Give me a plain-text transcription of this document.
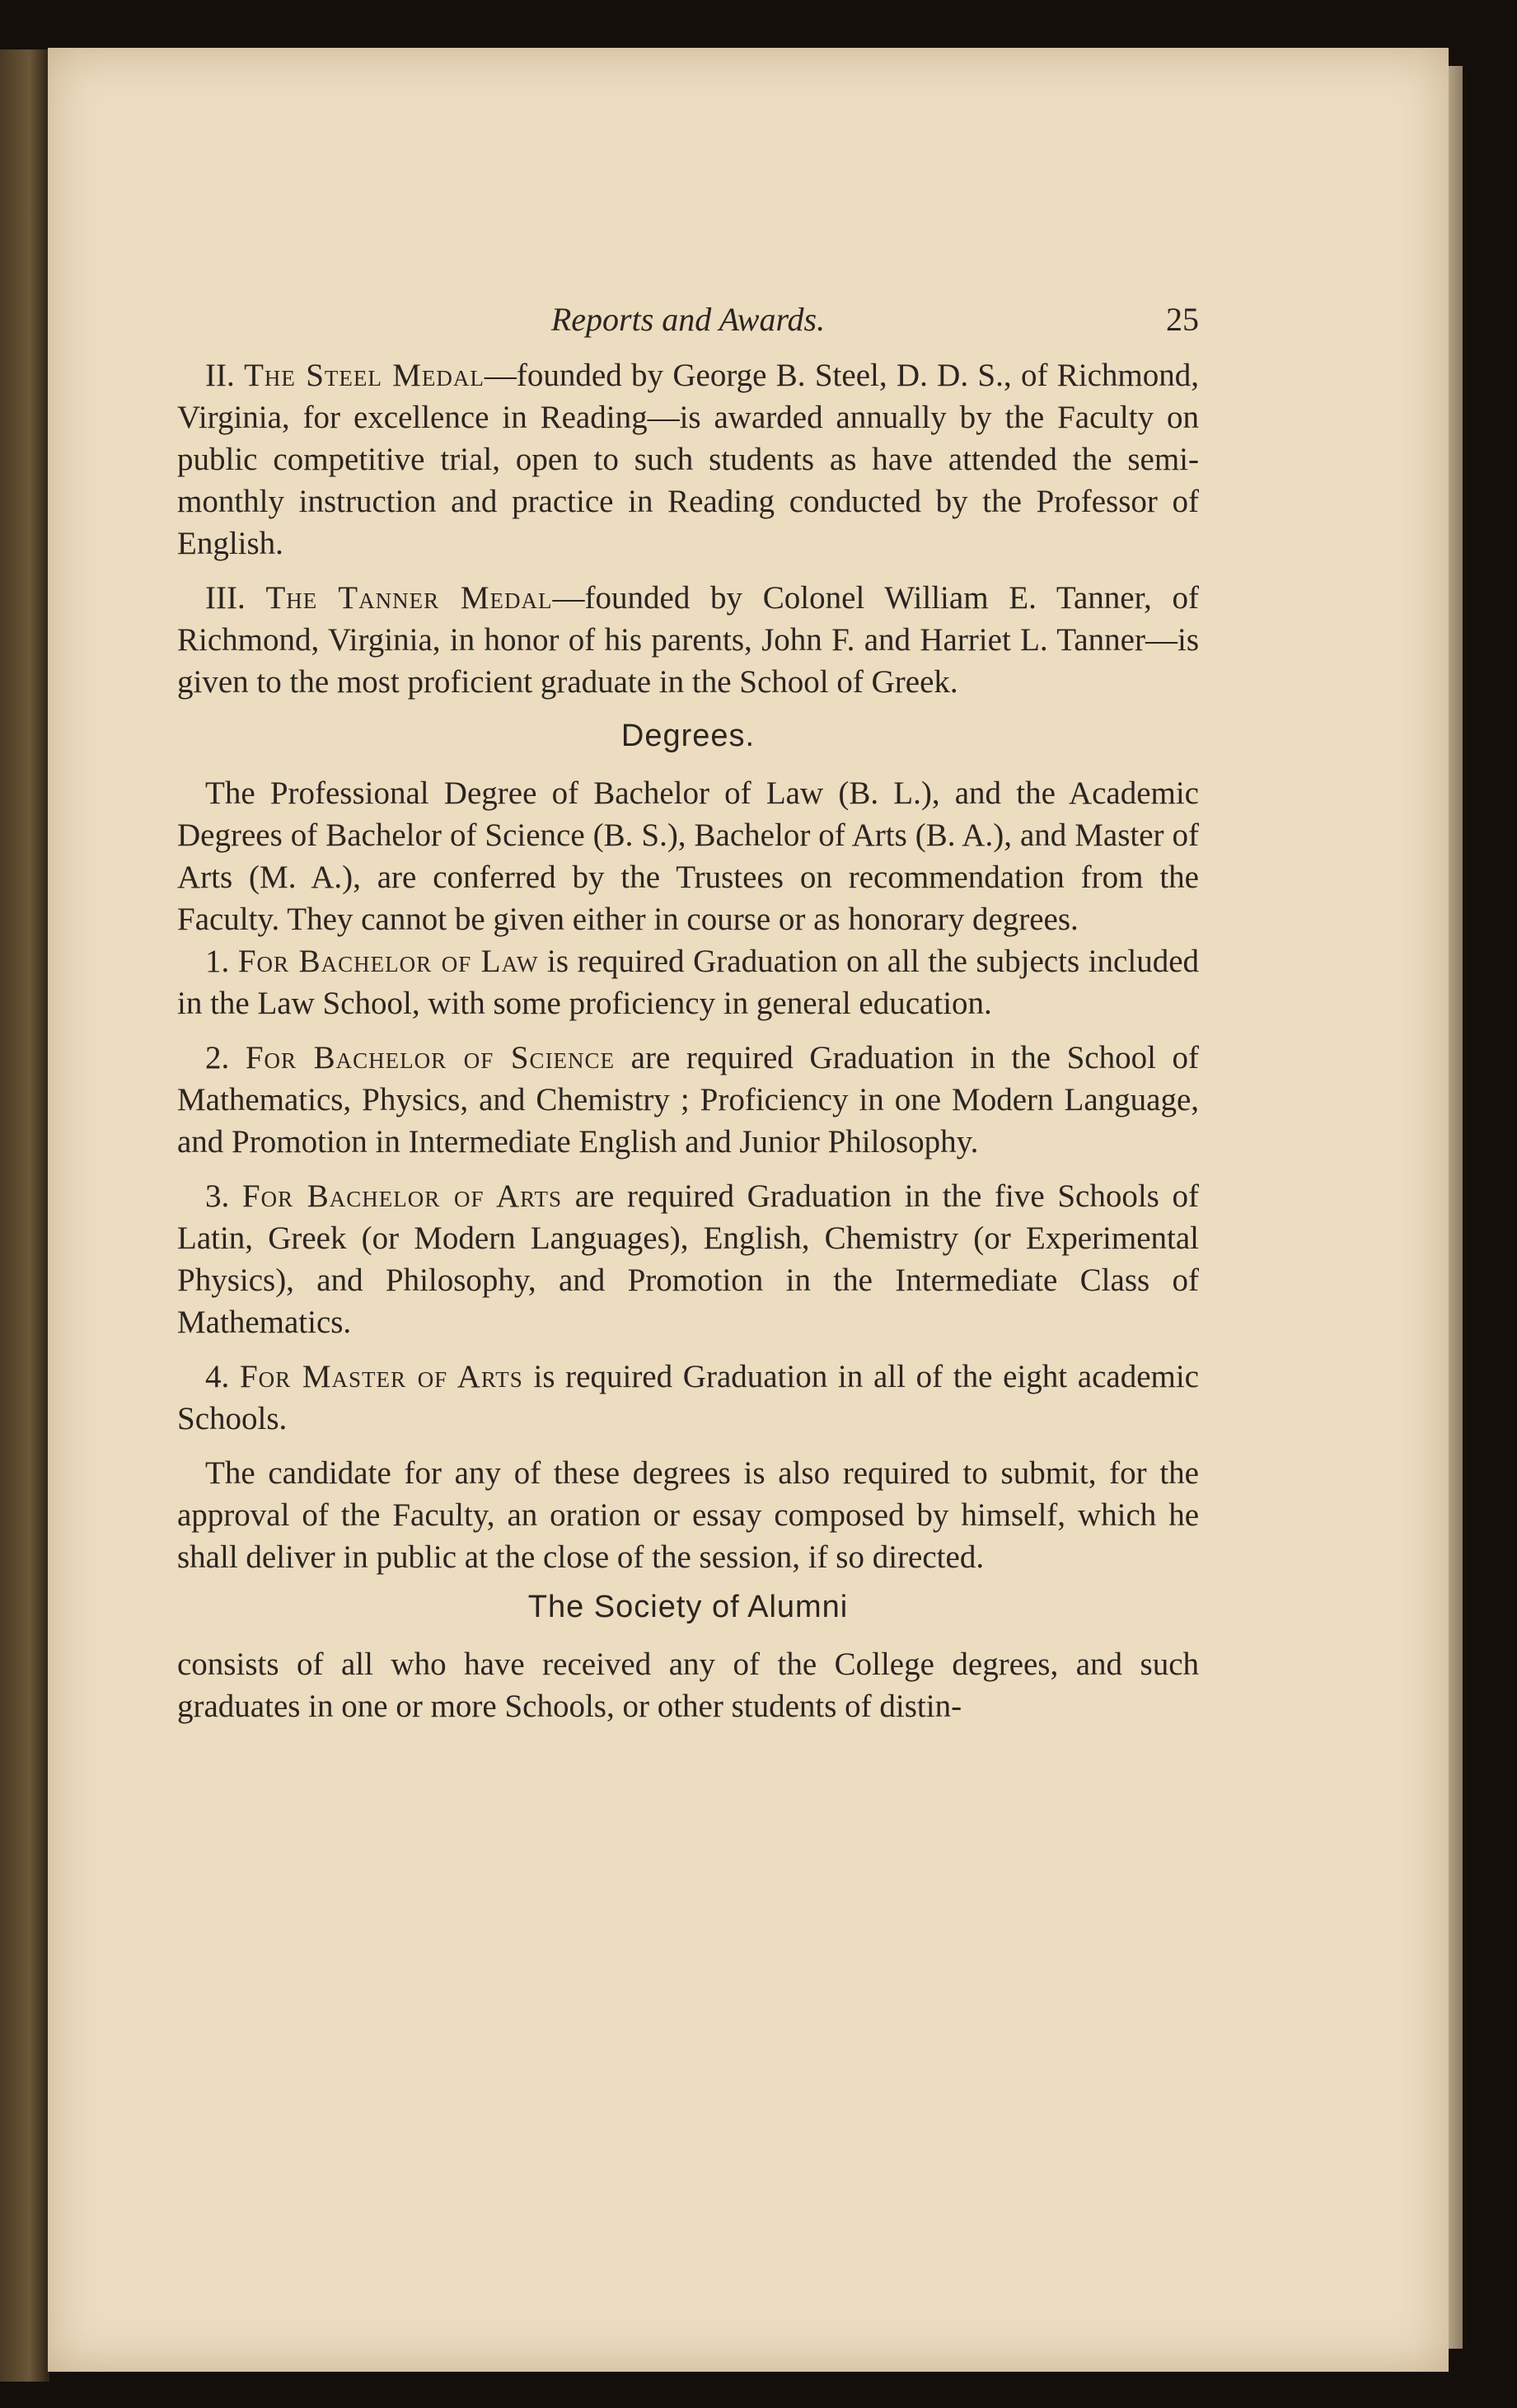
Reports and Awards.	25

II. The Steel Medal—founded by George B. Steel, D. D. S., of Richmond, Virginia, for excellence in Reading—is awarded annually by the Faculty on public competitive trial, open to such students as have attended the semi-monthly instruction and practice in Reading conducted by the Professor of English.

III. The Tanner Medal—founded by Colonel William E. Tanner, of Richmond, Virginia, in honor of his parents, John F. and Harriet L. Tanner—is given to the most proficient graduate in the School of Greek.

Degrees.

The Professional Degree of Bachelor of Law (B. L.), and the Academic Degrees of Bachelor of Science (B. S.), Bachelor of Arts (B. A.), and Master of Arts (M. A.), are conferred by the Trustees on recommendation from the Faculty. They cannot be given either in course or as honorary degrees.

1. For Bachelor of Law is required Graduation on all the subjects included in the Law School, with some proficiency in general education.

2. For Bachelor of Science are required Graduation in the School of Mathematics, Physics, and Chemistry ; Proficiency in one Modern Language, and Promotion in Intermediate English and Junior Philosophy.

3. For Bachelor of Arts are required Graduation in the five Schools of Latin, Greek (or Modern Languages), English, Chemistry (or Experimental Physics), and Philosophy, and Promotion in the Intermediate Class of Mathematics.

4. For Master of Arts is required Graduation in all of the eight academic Schools.

The candidate for any of these degrees is also required to submit, for the approval of the Faculty, an oration or essay composed by himself, which he shall deliver in public at the close of the session, if so directed.

The Society of Alumni

consists of all who have received any of the College degrees, and such graduates in one or more Schools, or other students of distin-
